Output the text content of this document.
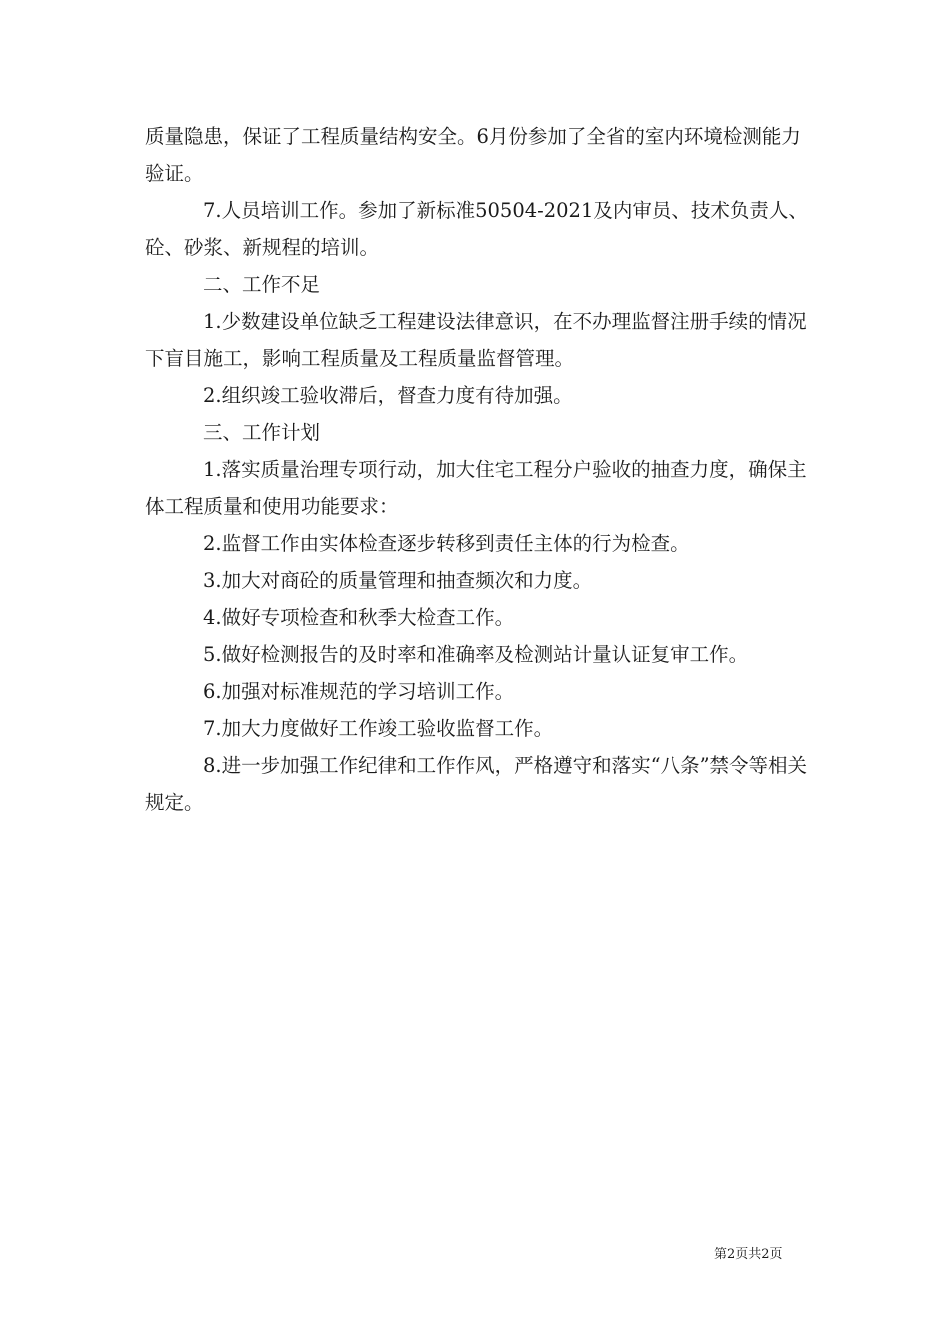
质量隐患，保证了工程质量结构安全。6月份参加了全省的室内环境检测能力验证。

7.人员培训工作。参加了新标准50504-2021及内审员、技术负责人、砼、砂浆、新规程的培训。

二、工作不足

1.少数建设单位缺乏工程建设法律意识，在不办理监督注册手续的情况下盲目施工，影响工程质量及工程质量监督管理。

2.组织竣工验收滞后，督查力度有待加强。

三、工作计划

1.落实质量治理专项行动，加大住宅工程分户验收的抽查力度，确保主体工程质量和使用功能要求：

2.监督工作由实体检查逐步转移到责任主体的行为检查。

3.加大对商砼的质量管理和抽查频次和力度。

4.做好专项检查和秋季大检查工作。

5.做好检测报告的及时率和准确率及检测站计量认证复审工作。

6.加强对标准规范的学习培训工作。

7.加大力度做好工作竣工验收监督工作。

8.进一步加强工作纪律和工作作风，严格遵守和落实“八条”禁令等相关规定。

第2页共2页
